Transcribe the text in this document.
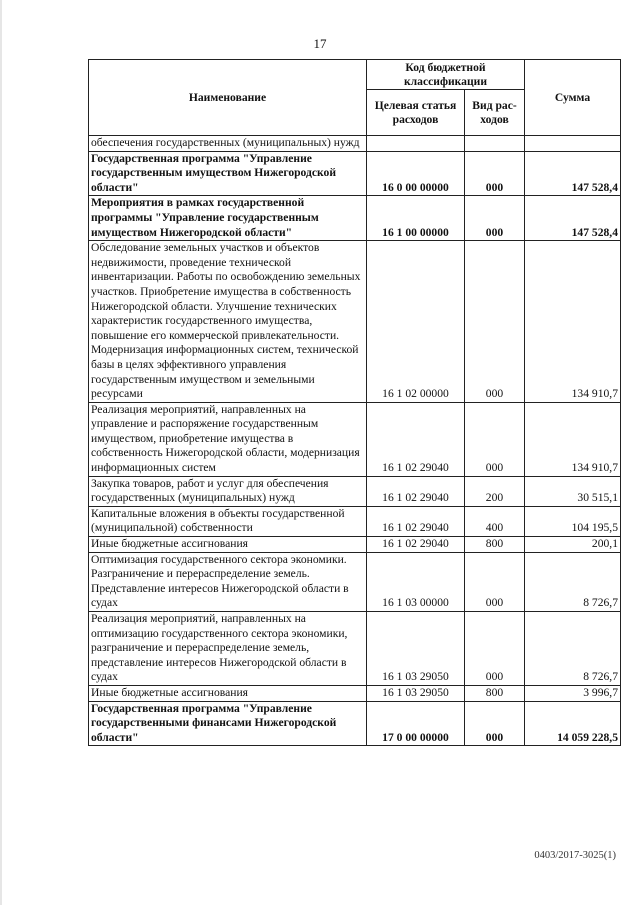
17
Наименование	Код бюджетной классификации		Сумма
	Целевая статья расходов	Вид рас-ходов	
обеспечения государственных (муниципальных) нужд			
Государственная программа "Управление государственным имуществом Нижегородской области"	16 0 00 00000	000	147 528,4
Мероприятия в рамках государственной программы "Управление государственным имуществом Нижегородской области"	16 1 00 00000	000	147 528,4
Обследование земельных участков и объектов недвижимости, проведение технической инвентаризации. Работы по освобождению земельных участков. Приобретение имущества в собственность Нижегородской области. Улучшение технических характеристик государственного имущества, повышение его коммерческой привлекательности. Модернизация информационных систем, технической базы в целях эффективного управления государственным имуществом и земельными ресурсами	16 1 02 00000	000	134 910,7
Реализация мероприятий, направленных на управление и распоряжение государственным имуществом, приобретение имущества в собственность Нижегородской области, модернизация информационных систем	16 1 02 29040	000	134 910,7
Закупка товаров, работ и услуг для обеспечения государственных (муниципальных) нужд	16 1 02 29040	200	30 515,1
Капитальные вложения в объекты государственной (муниципальной) собственности	16 1 02 29040	400	104 195,5
Иные бюджетные ассигнования	16 1 02 29040	800	200,1
Оптимизация государственного сектора экономики. Разграничение и перераспределение земель. Представление интересов Нижегородской области в судах	16 1 03 00000	000	8 726,7
Реализация мероприятий, направленных на оптимизацию государственного сектора экономики, разграничение и перераспределение земель, представление интересов Нижегородской области в судах	16 1 03 29050	000	8 726,7
Иные бюджетные ассигнования	16 1 03 29050	800	3 996,7
Государственная программа "Управление государственными финансами Нижегородской области"	17 0 00 00000	000	14 059 228,5
0403/2017-3025(1)
